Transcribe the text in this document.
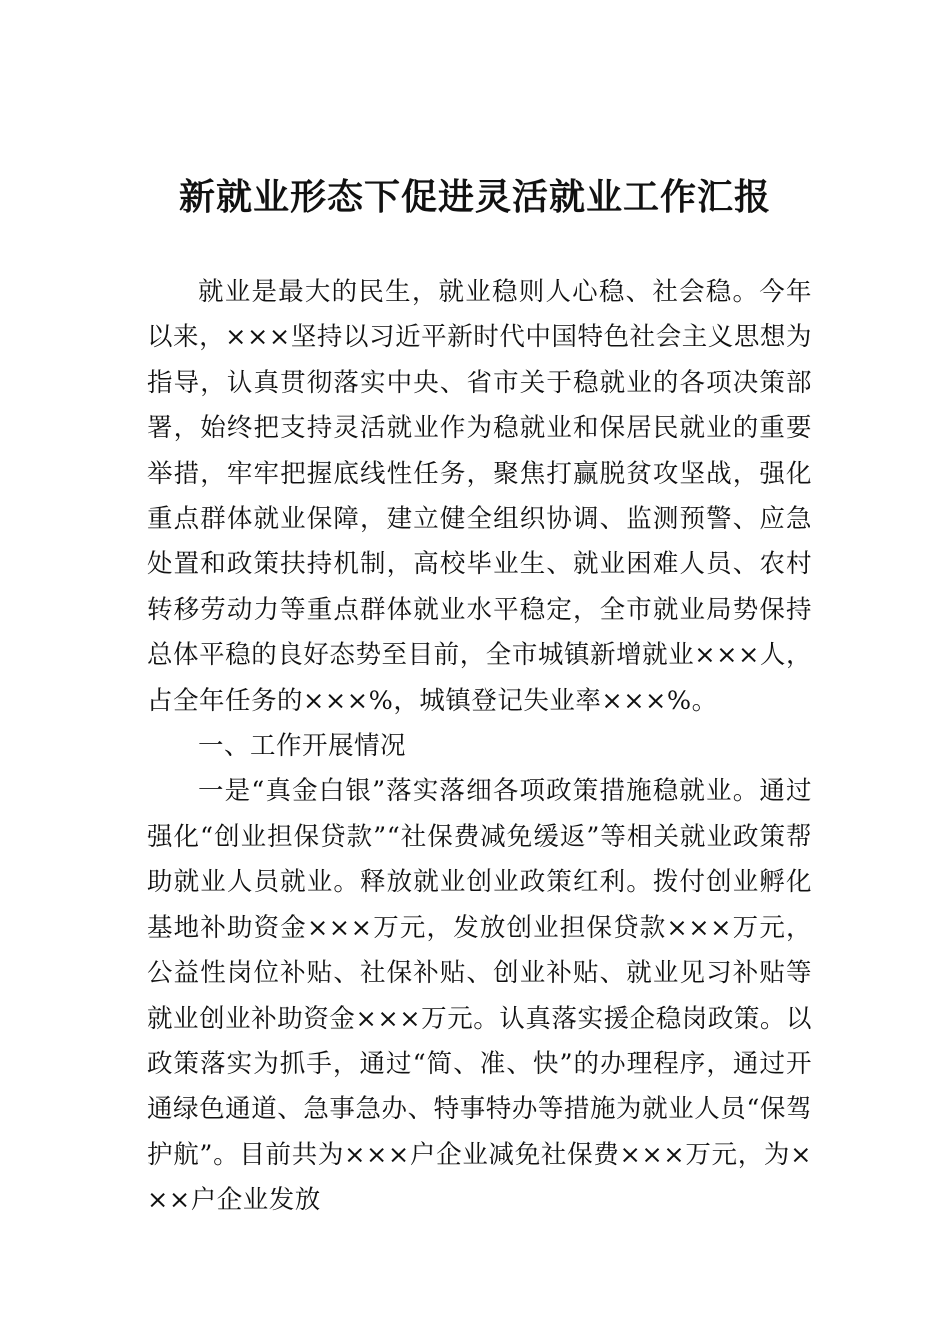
新就业形态下促进灵活就业工作汇报

就业是最大的民生，就业稳则人心稳、社会稳。今年以来，×××坚持以习近平新时代中国特色社会主义思想为指导，认真贯彻落实中央、省市关于稳就业的各项决策部署，始终把支持灵活就业作为稳就业和保居民就业的重要举措，牢牢把握底线性任务，聚焦打赢脱贫攻坚战，强化重点群体就业保障，建立健全组织协调、监测预警、应急处置和政策扶持机制，高校毕业生、就业困难人员、农村转移劳动力等重点群体就业水平稳定，全市就业局势保持总体平稳的良好态势至目前，全市城镇新增就业×××人，占全年任务的×××%，城镇登记失业率×××%。

一、工作开展情况

一是“真金白银”落实落细各项政策措施稳就业。通过强化“创业担保贷款”“社保费减免缓返”等相关就业政策帮助就业人员就业。释放就业创业政策红利。拨付创业孵化基地补助资金×××万元，发放创业担保贷款×××万元，公益性岗位补贴、社保补贴、创业补贴、就业见习补贴等就业创业补助资金×××万元。认真落实援企稳岗政策。以政策落实为抓手，通过“简、准、快”的办理程序，通过开通绿色通道、急事急办、特事特办等措施为就业人员“保驾护航”。目前共为×××户企业减免社保费×××万元，为×××户企业发放
